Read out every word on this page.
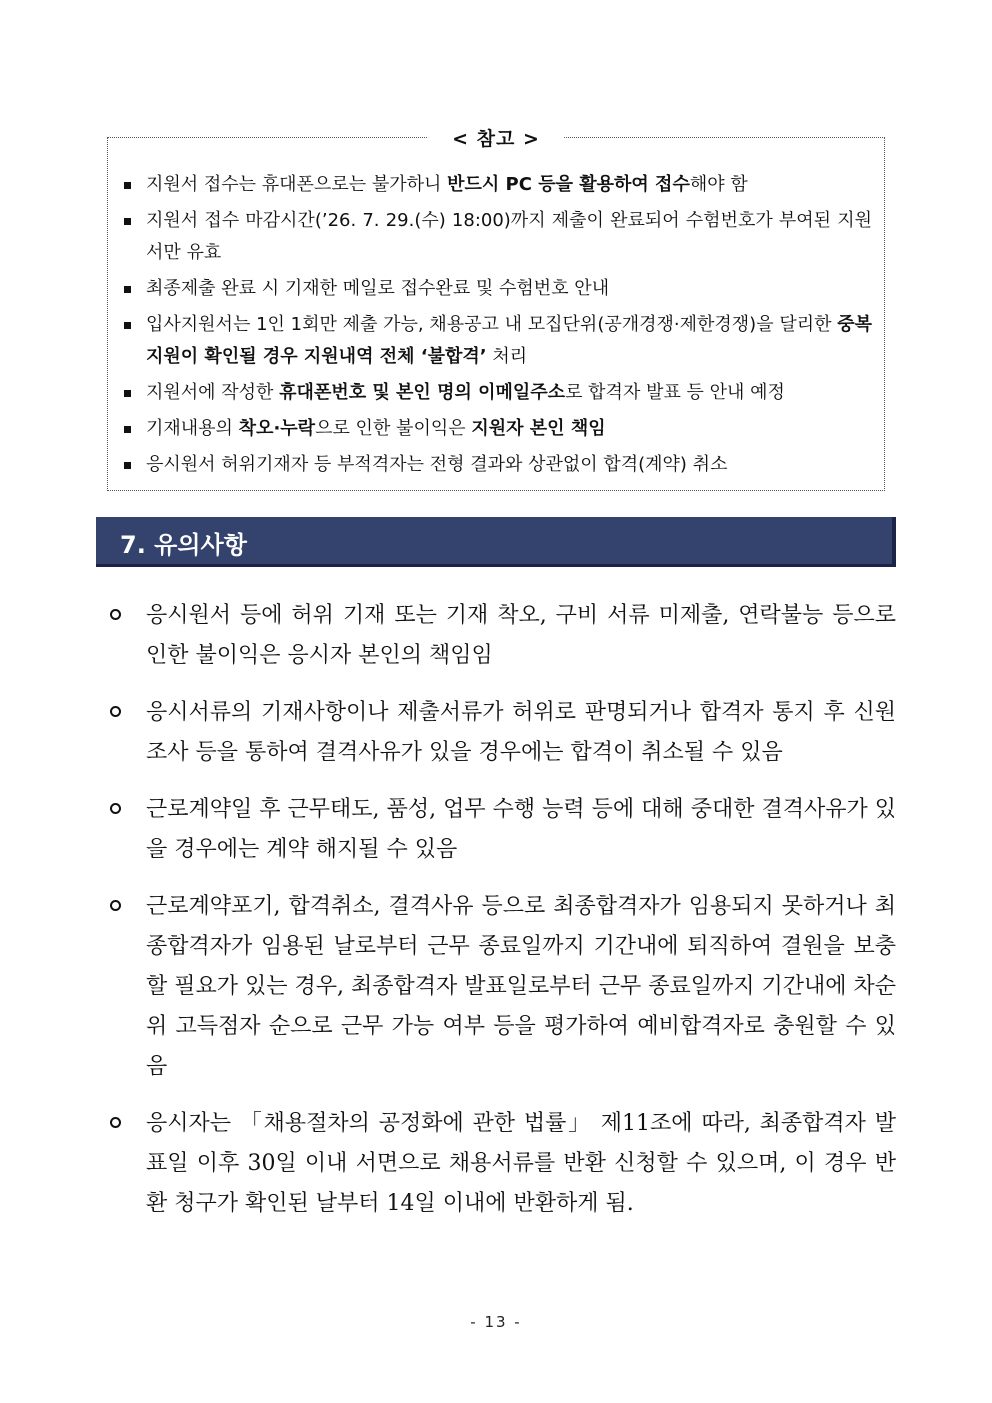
< 참고 >
지원서 접수는 휴대폰으로는 불가하니 반드시 PC 등을 활용하여 접수해야 함
지원서 접수 마감시간(’26. 7. 29.(수) 18:00)까지 제출이 완료되어 수험번호가 부여된 지원서만 유효
최종제출 완료 시 기재한 메일로 접수완료 및 수험번호 안내
입사지원서는 1인 1회만 제출 가능, 채용공고 내 모집단위(공개경쟁·제한경쟁)을 달리한 중복지원이 확인될 경우 지원내역 전체 ‘불합격’ 처리
지원서에 작성한 휴대폰번호 및 본인 명의 이메일주소로 합격자 발표 등 안내 예정
기재내용의 착오·누락으로 인한 불이익은 지원자 본인 책임
응시원서 허위기재자 등 부적격자는 전형 결과와 상관없이 합격(계약) 취소
7. 유의사항
응시원서 등에 허위 기재 또는 기재 착오, 구비 서류 미제출, 연락불능 등으로 인한 불이익은 응시자 본인의 책임임
응시서류의 기재사항이나 제출서류가 허위로 판명되거나 합격자 통지 후 신원조사 등을 통하여 결격사유가 있을 경우에는 합격이 취소될 수 있음
근로계약일 후 근무태도, 품성, 업무 수행 능력 등에 대해 중대한 결격사유가 있을 경우에는 계약 해지될 수 있음
근로계약포기, 합격취소, 결격사유 등으로 최종합격자가 임용되지 못하거나 최종합격자가 임용된 날로부터 근무 종료일까지 기간내에 퇴직하여 결원을 보충할 필요가 있는 경우, 최종합격자 발표일로부터 근무 종료일까지 기간내에 차순위 고득점자 순으로 근무 가능 여부 등을 평가하여 예비합격자로 충원할 수 있음
응시자는 「채용절차의 공정화에 관한 법률」 제11조에 따라, 최종합격자 발표일 이후 30일 이내 서면으로 채용서류를 반환 신청할 수 있으며, 이 경우 반환 청구가 확인된 날부터 14일 이내에 반환하게 됨.
- 13 -
